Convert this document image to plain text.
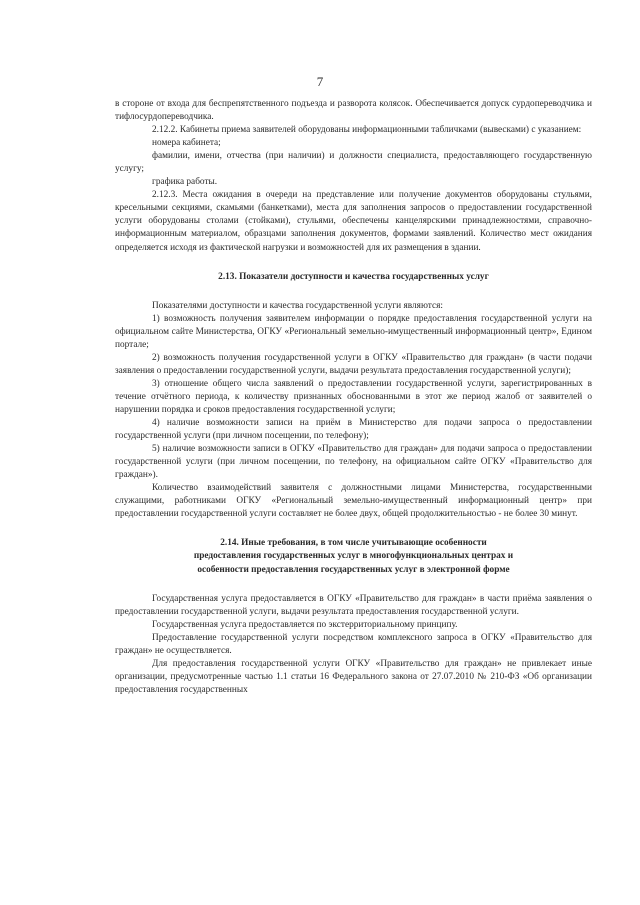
7

в стороне от входа для беспрепятственного подъезда и разворота колясок. Обеспечивается допуск сурдопереводчика и тифлосурдопереводчика.

2.12.2. Кабинеты приема заявителей оборудованы информационными табличками (вывесками) с указанием:

номера кабинета;

фамилии, имени, отчества (при наличии) и должности специалиста, предоставляющего государственную услугу;

графика работы.

2.12.3. Места ожидания в очереди на представление или получение документов оборудованы стульями, кресельными секциями, скамьями (банкетками), места для заполнения запросов о предоставлении государственной услуги оборудованы столами (стойками), стульями, обеспечены канцелярскими принадлежностями, справочно-информационным материалом, образцами заполнения документов, формами заявлений. Количество мест ожидания определяется исходя из фактической нагрузки и возможностей для их размещения в здании.

2.13. Показатели доступности и качества государственных услуг

Показателями доступности и качества государственной услуги являются:

1) возможность получения заявителем информации о порядке предоставления государственной услуги на официальном сайте Министерства, ОГКУ «Региональный земельно-имущественный информационный центр», Едином портале;

2) возможность получения государственной услуги в ОГКУ «Правительство для граждан» (в части подачи заявления о предоставлении государственной услуги, выдачи результата предоставления государственной услуги);

3) отношение общего числа заявлений о предоставлении государственной услуги, зарегистрированных в течение отчётного периода, к количеству признанных обоснованными в этот же период жалоб от заявителей о нарушении порядка и сроков предоставления государственной услуги;

4) наличие возможности записи на приём в Министерство для подачи запроса о предоставлении государственной услуги (при личном посещении, по телефону);

5) наличие возможности записи в ОГКУ «Правительство для граждан» для подачи запроса о предоставлении государственной услуги (при личном посещении, по телефону, на официальном сайте ОГКУ «Правительство для граждан»).

Количество взаимодействий заявителя с должностными лицами Министерства, государственными служащими, работниками ОГКУ «Региональный земельно-имущественный информационный центр» при предоставлении государственной услуги составляет не более двух, общей продолжительностью - не более 30 минут.

2.14. Иные требования, в том числе учитывающие особенности
предоставления государственных услуг в многофункциональных центрах и
особенности предоставления государственных услуг в электронной форме

Государственная услуга предоставляется в ОГКУ «Правительство для граждан» в части приёма заявления о предоставлении государственной услуги, выдачи результата предоставления государственной услуги.

Государственная услуга предоставляется по экстерриториальному принципу.

Предоставление государственной услуги посредством комплексного запроса в ОГКУ «Правительство для граждан» не осуществляется.

Для предоставления государственной услуги ОГКУ «Правительство для граждан» не привлекает иные организации, предусмотренные частью 1.1 статьи 16 Федерального закона от 27.07.2010 № 210-ФЗ «Об организации предоставления государственных
